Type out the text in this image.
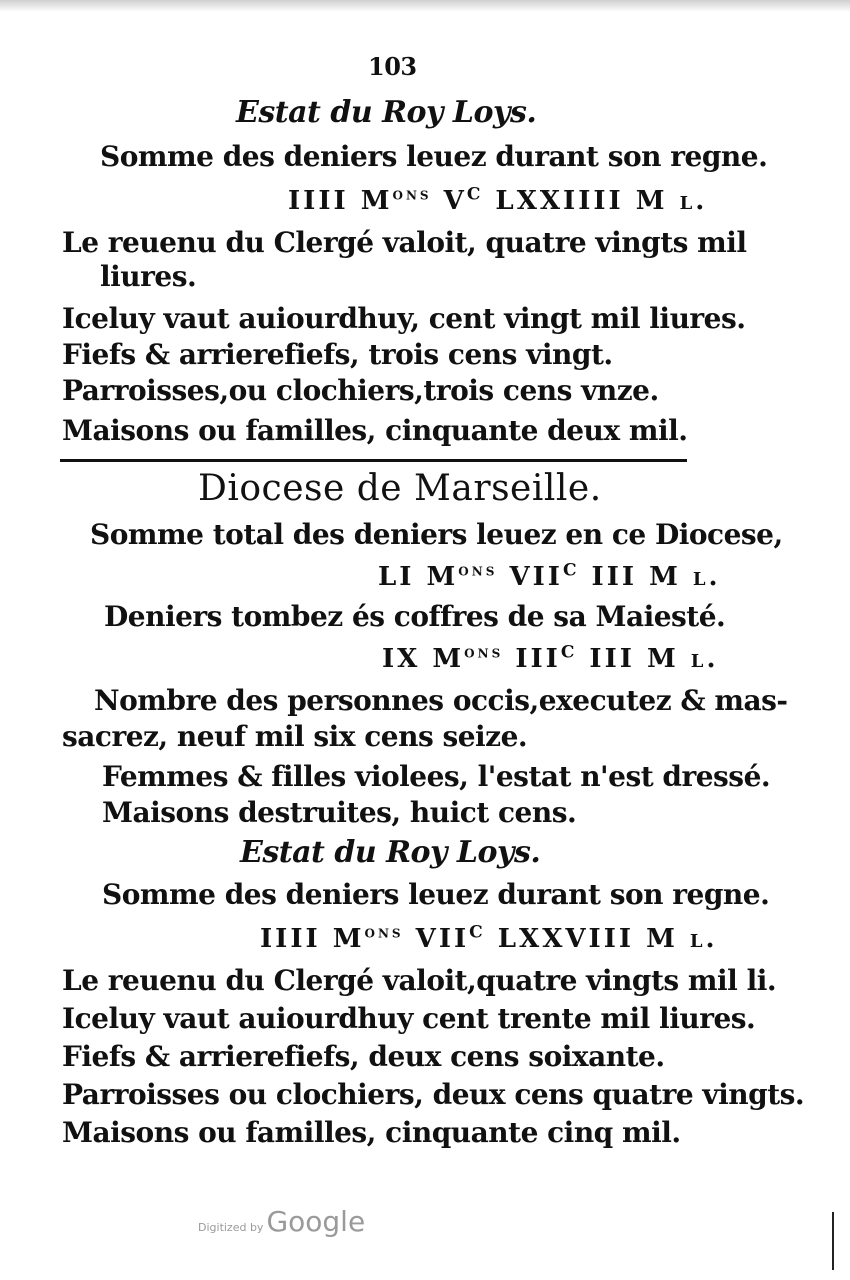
103
Estat du Roy Loys.
Somme des deniers leuez durant son regne.
IIII $M^{ons}$ $V^C$ LXXIIII M l.
Le reuenu du Clergé valoit, quatre vingts mil
liures.
Iceluy vaut auiourdhuy, cent vingt mil liures.
Fiefs & arrierefiefs, trois cens vingt.
Parroisses,ou clochiers,trois cens vnze.
Maisons ou familles, cinquante deux mil.
Diocese de Marseille.
Somme total des deniers leuez en ce Diocese,
LI $M^{ons}$ $VII^C$ III M l.
Deniers tombez és coffres de sa Maiesté.
IX $M^{ons}$ $III^C$ III M l.
Nombre des personnes occis,executez & mas-
sacrez, neuf mil six cens seize.
Femmes & filles violees, l'estat n'est dressé.
Maisons destruites, huict cens.
Estat du Roy Loys.
Somme des deniers leuez durant son regne.
IIII $M^{ons}$ $VII^C$ LXXVIII M l.
Le reuenu du Clergé valoit,quatre vingts mil li.
Iceluy vaut auiourdhuy cent trente mil liures.
Fiefs & arrierefiefs, deux cens soixante.
Parroisses ou clochiers, deux cens quatre vingts.
Maisons ou familles, cinquante cinq mil.
Digitized by Google
